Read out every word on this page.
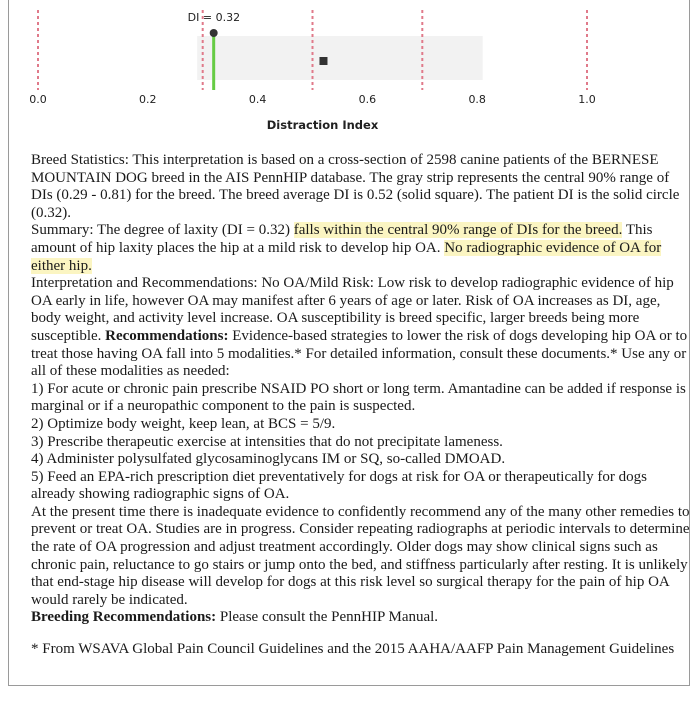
0.0	0.2	0.4	0.6	0.8	1.0
Distraction Index
DI = 0.32

Breed Statistics: This interpretation is based on a cross-section of 2598 canine patients of the BERNESE MOUNTAIN DOG breed in the AIS PennHIP database. The gray strip represents the central 90% range of DIs (0.29 - 0.81) for the breed. The breed average DI is 0.52 (solid square). The patient DI is the solid circle (0.32).

Summary: The degree of laxity (DI = 0.32) falls within the central 90% range of DIs for the breed. This amount of hip laxity places the hip at a mild risk to develop hip OA. No radiographic evidence of OA for either hip.

Interpretation and Recommendations: No OA/Mild Risk: Low risk to develop radiographic evidence of hip OA early in life, however OA may manifest after 6 years of age or later. Risk of OA increases as DI, age, body weight, and activity level increase. OA susceptibility is breed specific, larger breeds being more susceptible. Recommendations: Evidence-based strategies to lower the risk of dogs developing hip OA or to treat those having OA fall into 5 modalities.* For detailed information, consult these documents.* Use any or all of these modalities as needed:

1) For acute or chronic pain prescribe NSAID PO short or long term. Amantadine can be added if response is marginal or if a neuropathic component to the pain is suspected.

2) Optimize body weight, keep lean, at BCS = 5/9.

3) Prescribe therapeutic exercise at intensities that do not precipitate lameness.

4) Administer polysulfated glycosaminoglycans IM or SQ, so-called DMOAD.

5) Feed an EPA-rich prescription diet preventatively for dogs at risk for OA or therapeutically for dogs already showing radiographic signs of OA.

At the present time there is inadequate evidence to confidently recommend any of the many other remedies to prevent or treat OA. Studies are in progress. Consider repeating radiographs at periodic intervals to determine the rate of OA progression and adjust treatment accordingly. Older dogs may show clinical signs such as chronic pain, reluctance to go stairs or jump onto the bed, and stiffness particularly after resting. It is unlikely that end-stage hip disease will develop for dogs at this risk level so surgical therapy for the pain of hip OA would rarely be indicated.

Breeding Recommendations: Please consult the PennHIP Manual.

* From WSAVA Global Pain Council Guidelines and the 2015 AAHA/AAFP Pain Management Guidelines
